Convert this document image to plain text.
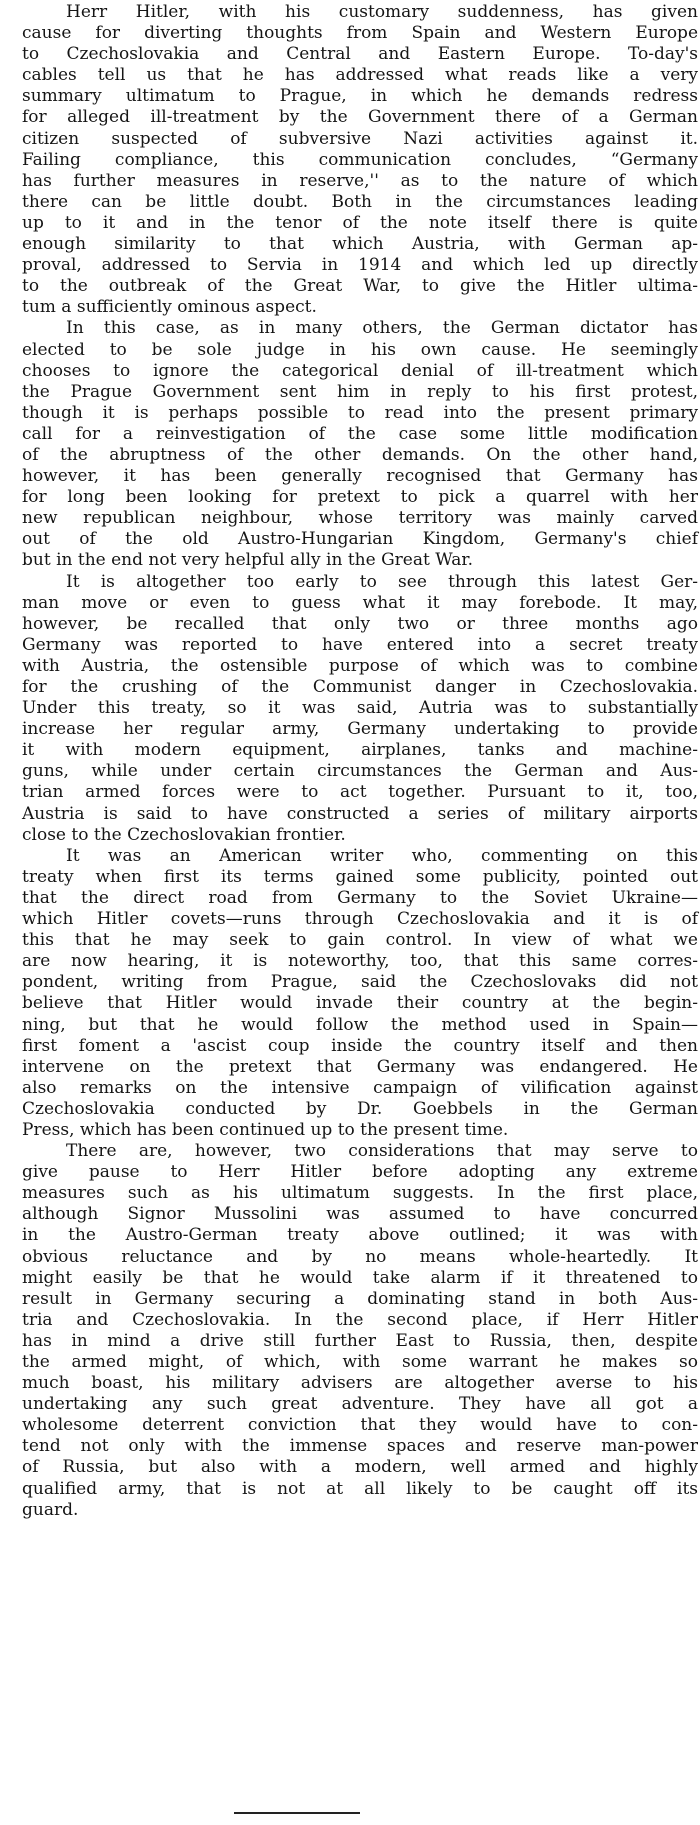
Herr Hitler, with his customary suddenness, has given
cause for diverting thoughts from Spain and Western Europe
to Czechoslovakia and Central and Eastern Europe. To-day's
cables tell us that he has addressed what reads like a very
summary ultimatum to Prague, in which he demands redress
for alleged ill-treatment by the Government there of a German
citizen suspected of subversive Nazi activities against it.
Failing compliance, this communication concludes, “Germany
has further measures in reserve,'' as to the nature of which
there can be little doubt. Both in the circumstances leading
up to it and in the tenor of the note itself there is quite
enough similarity to that which Austria, with German ap-
proval, addressed to Servia in 1914 and which led up directly
to the outbreak of the Great War, to give the Hitler ultima-
tum a sufficiently ominous aspect.
In this case, as in many others, the German dictator has
elected to be sole judge in his own cause. He seemingly
chooses to ignore the categorical denial of ill-treatment which
the Prague Government sent him in reply to his first protest,
though it is perhaps possible to read into the present primary
call for a reinvestigation of the case some little modification
of the abruptness of the other demands. On the other hand,
however, it has been generally recognised that Germany has
for long been looking for pretext to pick a quarrel with her
new republican neighbour, whose territory was mainly carved
out of the old Austro-Hungarian Kingdom, Germany's chief
but in the end not very helpful ally in the Great War.
It is altogether too early to see through this latest Ger-
man move or even to guess what it may forebode. It may,
however, be recalled that only two or three months ago
Germany was reported to have entered into a secret treaty
with Austria, the ostensible purpose of which was to combine
for the crushing of the Communist danger in Czechoslovakia.
Under this treaty, so it was said, Autria was to substantially
increase her regular army, Germany undertaking to provide
it with modern equipment, airplanes, tanks and machine-
guns, while under certain circumstances the German and Aus-
trian armed forces were to act together. Pursuant to it, too,
Austria is said to have constructed a series of military airports
close to the Czechoslovakian frontier.
It was an American writer who, commenting on this
treaty when first its terms gained some publicity, pointed out
that the direct road from Germany to the Soviet Ukraine—
which Hitler covets—runs through Czechoslovakia and it is of
this that he may seek to gain control. In view of what we
are now hearing, it is noteworthy, too, that this same corres-
pondent, writing from Prague, said the Czechoslovaks did not
believe that Hitler would invade their country at the begin-
ning, but that he would follow the method used in Spain—
first foment a 'ascist coup inside the country itself and then
intervene on the pretext that Germany was endangered. He
also remarks on the intensive campaign of vilification against
Czechoslovakia conducted by Dr. Goebbels in the German
Press, which has been continued up to the present time.
There are, however, two considerations that may serve to
give pause to Herr Hitler before adopting any extreme
measures such as his ultimatum suggests. In the first place,
although Signor Mussolini was assumed to have concurred
in the Austro-German treaty above outlined; it was with
obvious reluctance and by no means whole-heartedly. It
might easily be that he would take alarm if it threatened to
result in Germany securing a dominating stand in both Aus-
tria and Czechoslovakia. In the second place, if Herr Hitler
has in mind a drive still further East to Russia, then, despite
the armed might, of which, with some warrant he makes so
much boast, his military advisers are altogether averse to his
undertaking any such great adventure. They have all got a
wholesome deterrent conviction that they would have to con-
tend not only with the immense spaces and reserve man-power
of Russia, but also with a modern, well armed and highly
qualified army, that is not at all likely to be caught off its
guard.
